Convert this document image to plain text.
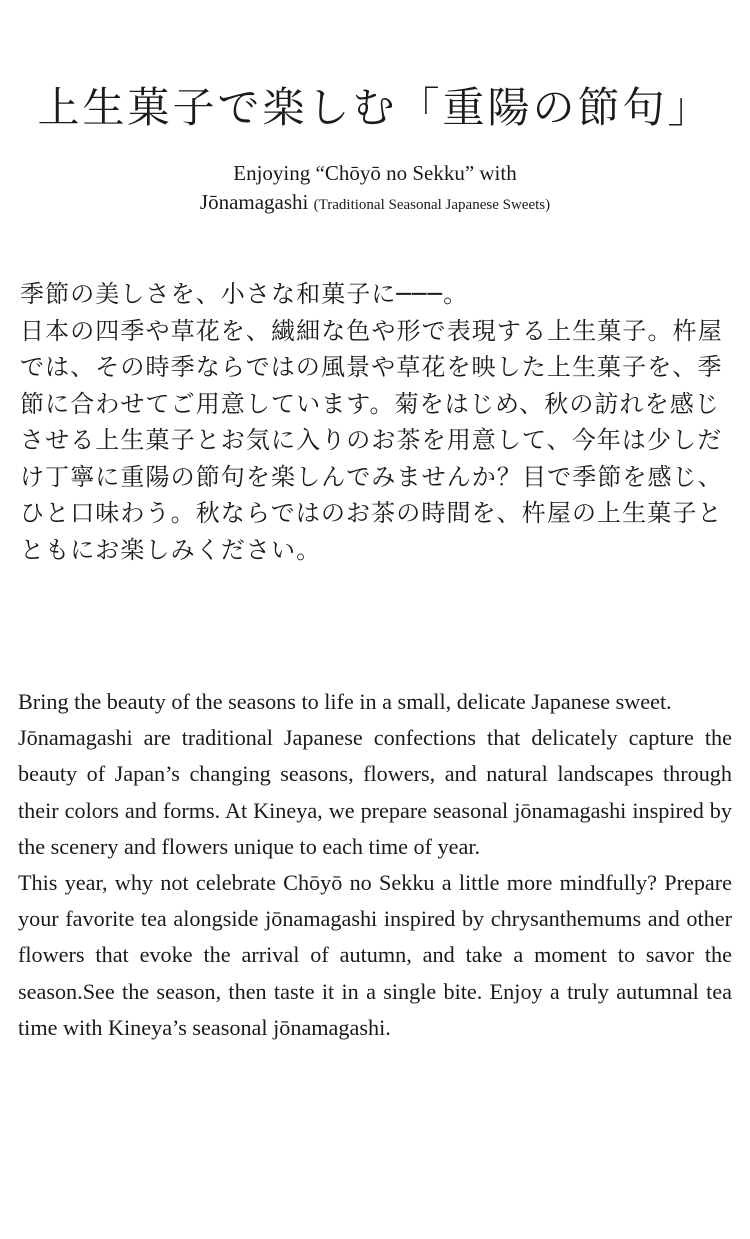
上生菓子で楽しむ「重陽の節句」
Enjoying “Chōyō no Sekku” with
Jōnamagashi (Traditional Seasonal Japanese Sweets)

季節の美しさを、小さな和菓子に───。

日本の四季や草花を、繊細な色や形で表現する上生菓子。杵屋では、その時季ならではの風景や草花を映した上生菓子を、季節に合わせてご用意しています。菊をはじめ、秋の訪れを感じさせる上生菓子とお気に入りのお茶を用意して、今年は少しだけ丁寧に重陽の節句を楽しんでみませんか？目で季節を感じ、ひと口味わう。秋ならではのお茶の時間を、杵屋の上生菓子とともにお楽しみください。

Bring the beauty of the seasons to life in a small, delicate Japanese sweet.

Jōnamagashi are traditional Japanese confections that delicately capture the beauty of Japan’s changing seasons, flowers, and natural landscapes through their colors and forms. At Kineya, we prepare seasonal jōnamagashi inspired by the scenery and flowers unique to each time of year.

This year, why not celebrate Chōyō no Sekku a little more mindfully? Prepare your favorite tea alongside jōnamagashi inspired by chrysanthemums and other flowers that evoke the arrival of autumn, and take a moment to savor the season.See the season, then taste it in a single bite. Enjoy a truly autumnal tea time with Kineya’s seasonal jōnamagashi.
